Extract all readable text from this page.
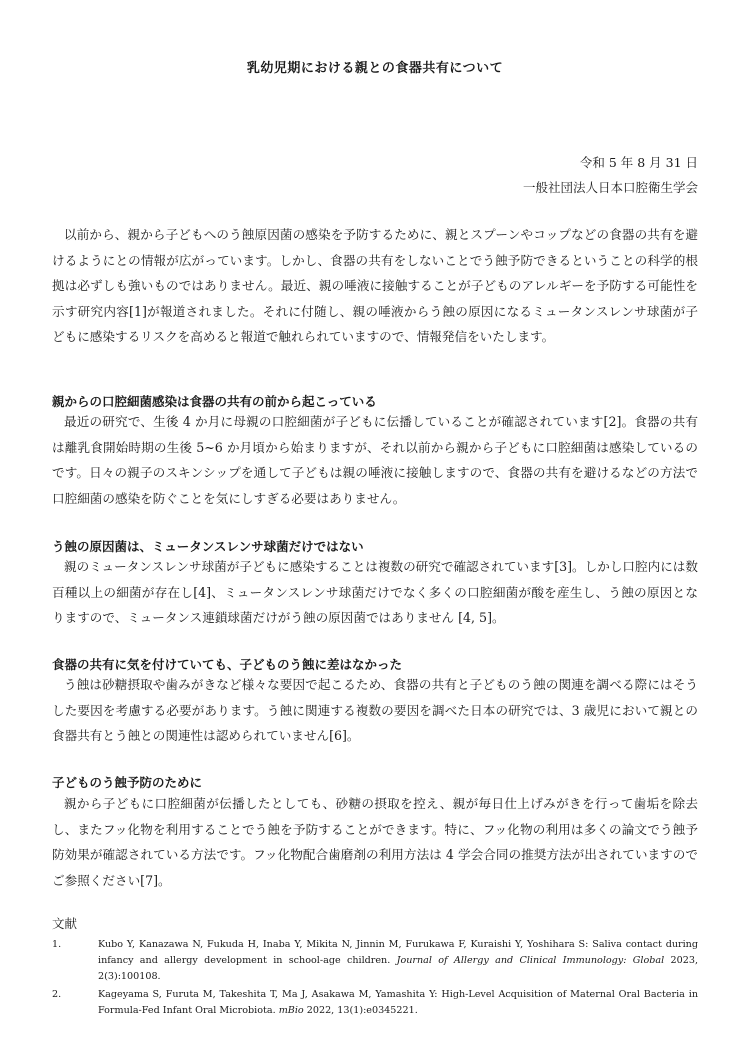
乳幼児期における親との食器共有について
令和 5 年 8 月 31 日
一般社団法人日本口腔衛生学会

以前から、親から子どもへのう蝕原因菌の感染を予防するために、親とスプーンやコップなどの食器の共有を避けるようにとの情報が広がっています。しかし、食器の共有をしないことでう蝕予防できるということの科学的根拠は必ずしも強いものではありません。最近、親の唾液に接触することが子どものアレルギーを予防する可能性を示す研究内容[1]が報道されました。それに付随し、親の唾液からう蝕の原因になるミュータンスレンサ球菌が子どもに感染するリスクを高めると報道で触れられていますので、情報発信をいたします。

親からの口腔細菌感染は食器の共有の前から起こっている

最近の研究で、生後 4 か月に母親の口腔細菌が子どもに伝播していることが確認されています[2]。食器の共有は離乳食開始時期の生後 5~6 か月頃から始まりますが、それ以前から親から子どもに口腔細菌は感染しているのです。日々の親子のスキンシップを通して子どもは親の唾液に接触しますので、食器の共有を避けるなどの方法で口腔細菌の感染を防ぐことを気にしすぎる必要はありません。

う蝕の原因菌は、ミュータンスレンサ球菌だけではない

親のミュータンスレンサ球菌が子どもに感染することは複数の研究で確認されています[3]。しかし口腔内には数百種以上の細菌が存在し[4]、ミュータンスレンサ球菌だけでなく多くの口腔細菌が酸を産生し、う蝕の原因となりますので、ミュータンス連鎖球菌だけがう蝕の原因菌ではありません [4, 5]。

食器の共有に気を付けていても、子どものう蝕に差はなかった

う蝕は砂糖摂取や歯みがきなど様々な要因で起こるため、食器の共有と子どものう蝕の関連を調べる際にはそうした要因を考慮する必要があります。う蝕に関連する複数の要因を調べた日本の研究では、3 歳児において親との食器共有とう蝕との関連性は認められていません[6]。

子どものう蝕予防のために

親から子どもに口腔細菌が伝播したとしても、砂糖の摂取を控え、親が毎日仕上げみがきを行って歯垢を除去し、またフッ化物を利用することでう蝕を予防することができます。特に、フッ化物の利用は多くの論文でう蝕予防効果が確認されている方法です。フッ化物配合歯磨剤の利用方法は 4 学会合同の推奨方法が出されていますのでご参照ください[7]。

文献
1.	Kubo Y, Kanazawa N, Fukuda H, Inaba Y, Mikita N, Jinnin M, Furukawa F, Kuraishi Y, Yoshihara S: Saliva contact during infancy and allergy development in school-age children. Journal of Allergy and Clinical Immunology: Global 2023, 2(3):100108.
2.	Kageyama S, Furuta M, Takeshita T, Ma J, Asakawa M, Yamashita Y: High-Level Acquisition of Maternal Oral Bacteria in Formula-Fed Infant Oral Microbiota. mBio 2022, 13(1):e0345221.
